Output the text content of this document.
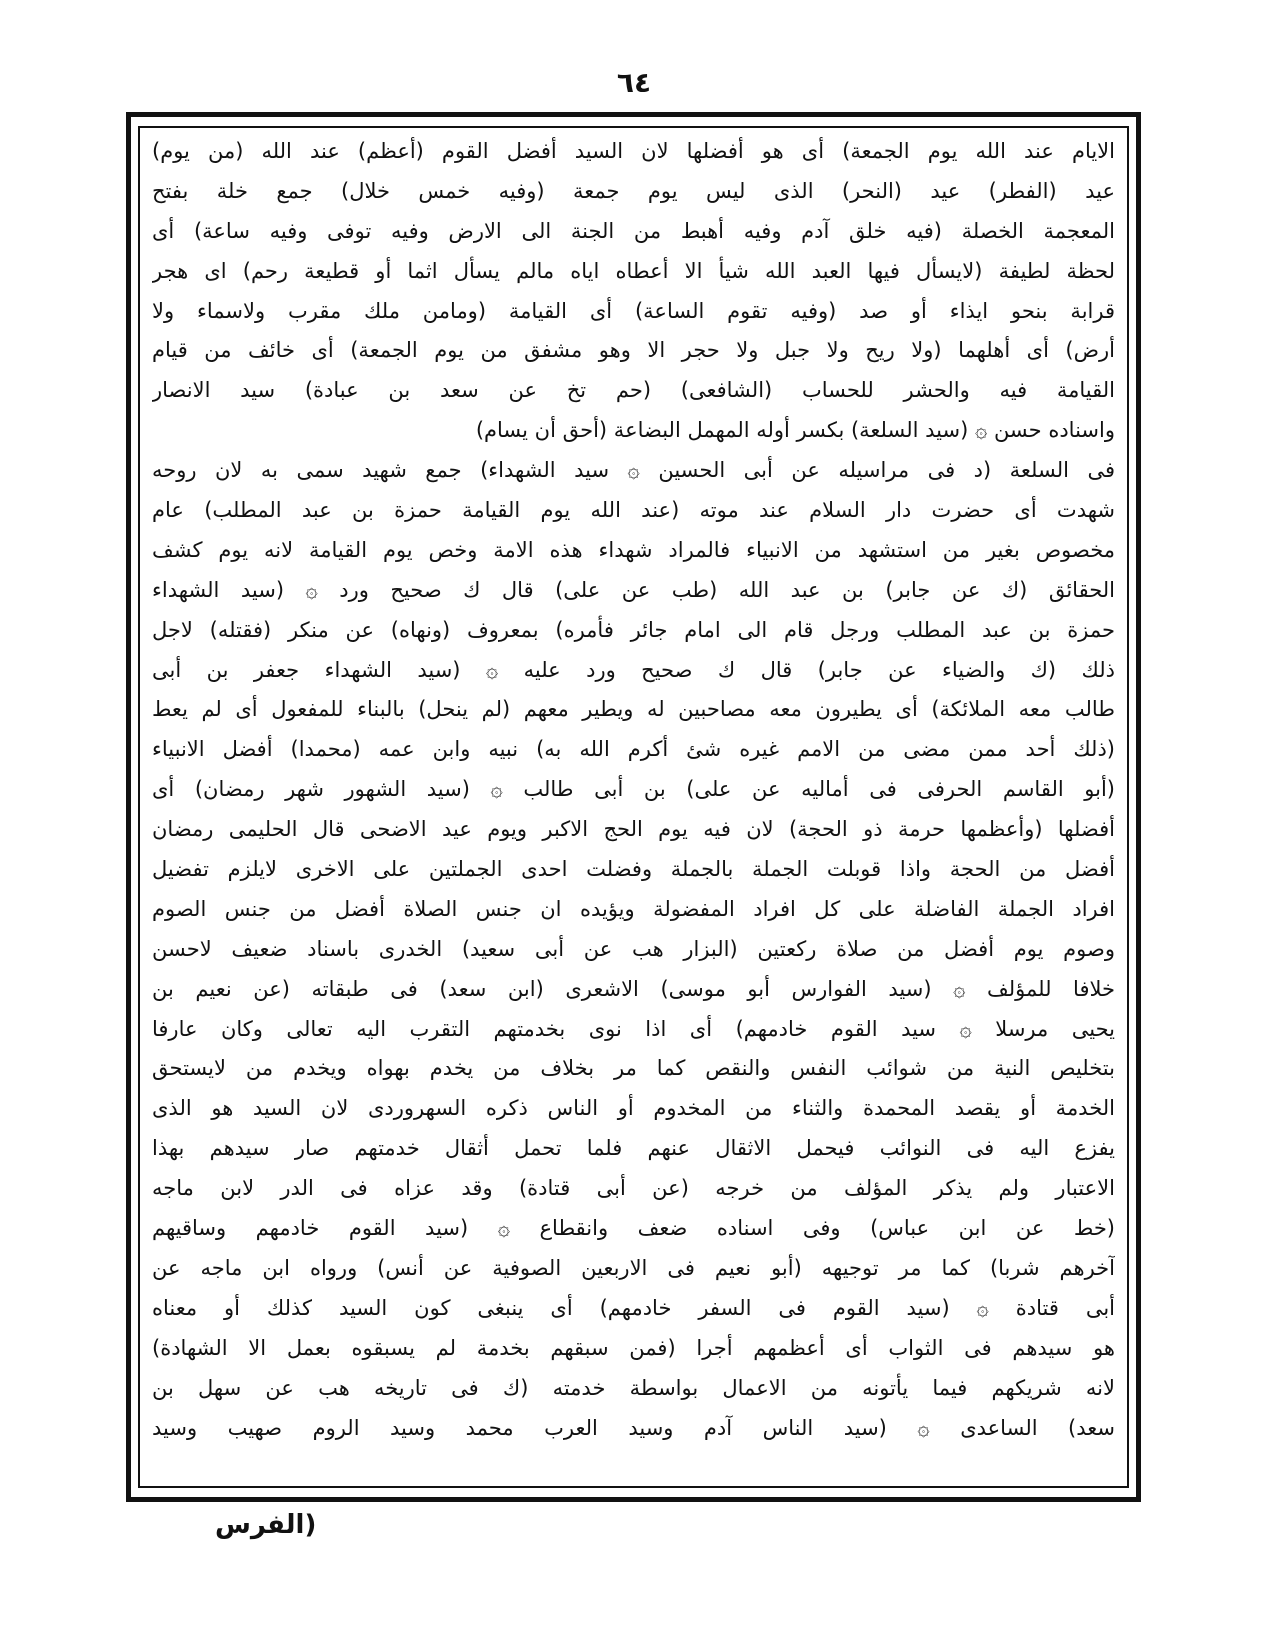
٦٤
الايام عند الله يوم الجمعة) أى هو أفضلها لان السيد أفضل القوم (أعظم) عند الله (من يوم)
عيد (الفطر) عيد (النحر) الذى ليس يوم جمعة (وفيه خمس خلال) جمع خلة بفتح
المعجمة الخصلة (فيه خلق آدم وفيه أهبط من الجنة الى الارض وفيه توفى وفيه ساعة) أى
لحظة لطيفة (لايسأل فيها العبد الله شيأ الا أعطاه اياه مالم يسأل اثما أو قطيعة رحم) اى هجر
قرابة بنحو ايذاء أو صد (وفيه تقوم الساعة) أى القيامة (ومامن ملك مقرب ولاسماء ولا
أرض) أى أهلهما (ولا ريح ولا جبل ولا حجر الا وهو مشفق من يوم الجمعة) أى خائف من قيام
القيامة فيه والحشر للحساب (الشافعى) (حم تخ عن سعد بن عبادة) سيد الانصار
واسناده حسن ۞ (سيد السلعة) بكسر أوله المهمل البضاعة (أحق أن يسام)
فى السلعة (د فى مراسيله عن أبى الحسين ۞ سيد الشهداء) جمع شهيد سمى به لان روحه
شهدت أى حضرت دار السلام عند موته (عند الله يوم القيامة حمزة بن عبد المطلب) عام
مخصوص بغير من استشهد من الانبياء فالمراد شهداء هذه الامة وخص يوم القيامة لانه يوم كشف
الحقائق (ك عن جابر) بن عبد الله (طب عن على) قال ك صحيح ورد ۞ (سيد الشهداء
حمزة بن عبد المطلب ورجل قام الى امام جائر فأمره) بمعروف (ونهاه) عن منكر (فقتله) لاجل
ذلك (ك والضياء عن جابر) قال ك صحيح ورد عليه ۞ (سيد الشهداء جعفر بن أبى
طالب معه الملائكة) أى يطيرون معه مصاحبين له ويطير معهم (لم ينحل) بالبناء للمفعول أى لم يعط
(ذلك أحد ممن مضى من الامم غيره شئ أكرم الله به) نبيه وابن عمه (محمدا) أفضل الانبياء
(أبو القاسم الحرفى فى أماليه عن على) بن أبى طالب ۞ (سيد الشهور شهر رمضان) أى
أفضلها (وأعظمها حرمة ذو الحجة) لان فيه يوم الحج الاكبر ويوم عيد الاضحى قال الحليمى رمضان
أفضل من الحجة واذا قوبلت الجملة بالجملة وفضلت احدى الجملتين على الاخرى لايلزم تفضيل
افراد الجملة الفاضلة على كل افراد المفضولة ويؤيده ان جنس الصلاة أفضل من جنس الصوم
وصوم يوم أفضل من صلاة ركعتين (البزار هب عن أبى سعيد) الخدرى باسناد ضعيف لاحسن
خلافا للمؤلف ۞ (سيد الفوارس أبو موسى) الاشعرى (ابن سعد) فى طبقاته (عن نعيم بن
يحيى مرسلا ۞ سيد القوم خادمهم) أى اذا نوى بخدمتهم التقرب اليه تعالى وكان عارفا
بتخليص النية من شوائب النفس والنقص كما مر بخلاف من يخدم بهواه ويخدم من لايستحق
الخدمة أو يقصد المحمدة والثناء من المخدوم أو الناس ذكره السهروردى لان السيد هو الذى
يفزع اليه فى النوائب فيحمل الاثقال عنهم فلما تحمل أثقال خدمتهم صار سيدهم بهذا
الاعتبار ولم يذكر المؤلف من خرجه (عن أبى قتادة) وقد عزاه فى الدر لابن ماجه
(خط عن ابن عباس) وفى اسناده ضعف وانقطاع ۞ (سيد القوم خادمهم وساقيهم
آخرهم شربا) كما مر توجيهه (أبو نعيم فى الاربعين الصوفية عن أنس) ورواه ابن ماجه عن
أبى قتادة ۞ (سيد القوم فى السفر خادمهم) أى ينبغى كون السيد كذلك أو معناه
هو سيدهم فى الثواب أى أعظمهم أجرا (فمن سبقهم بخدمة لم يسبقوه بعمل الا الشهادة)
لانه شريكهم فيما يأتونه من الاعمال بواسطة خدمته (ك فى تاريخه هب عن سهل بن
سعد) الساعدى ۞ (سيد الناس آدم وسيد العرب محمد وسيد الروم صهيب وسيد
(الفرس
